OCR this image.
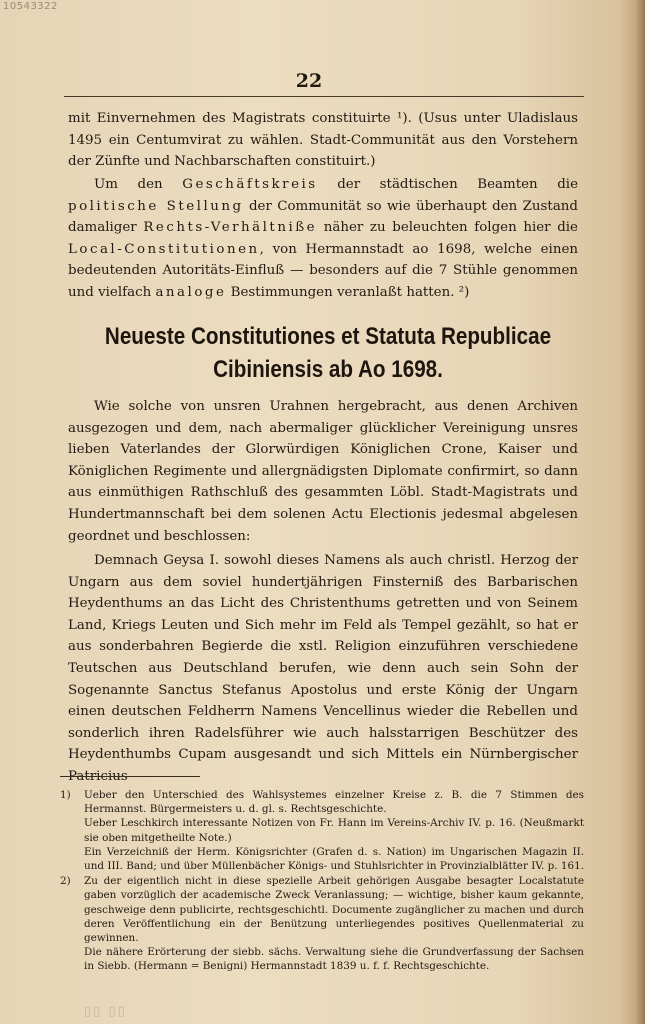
10543322
22
mit Einvernehmen des Magistrats constituirte ¹). (Usus unter Uladislaus 1495 ein Centumvirat zu wählen. Stadt-Communität aus den Vorstehern der Zünfte und Nachbarschaften constituirt.)
Um den Geschäftskreis der städtischen Beamten die politische Stellung der Communität so wie überhaupt den Zustand damaliger Rechts-Verhältniße näher zu beleuchten folgen hier die Local-Constitutionen, von Hermannstadt ao 1698, welche einen bedeutenden Autoritäts-Einfluß — besonders auf die 7 Stühle genommen und vielfach analoge Bestimmungen veranlaßt hatten. ²)
Neueste Constitutiones et Statuta Republicae
Cibiniensis ab Ao 1698.
Wie solche von unsren Urahnen hergebracht, aus denen Archiven ausgezogen und dem, nach abermaliger glücklicher Vereinigung unsres lieben Vaterlandes der Glorwürdigen Königlichen Crone, Kaiser und Königlichen Regimente und allergnädigsten Diplomate confirmirt, so dann aus einmüthigen Rathschluß des gesammten Löbl. Stadt-Magistrats und Hundertmannschaft bei dem solenen Actu Electionis jedesmal abgelesen geordnet und beschlossen:
Demnach Geysa I. sowohl dieses Namens als auch christl. Herzog der Ungarn aus dem soviel hundertjährigen Finsterniß des Barbarischen Heydenthums an das Licht des Christenthums getretten und von Seinem Land, Kriegs Leuten und Sich mehr im Feld als Tempel gezählt, so hat er aus sonderbahren Begierde die xstl. Religion einzuführen verschiedene Teutschen aus Deutschland berufen, wie denn auch sein Sohn der Sogenannte Sanctus Stefanus Apostolus und erste König der Ungarn einen deutschen Feldherrn Namens Vencellinus wieder die Rebellen und sonderlich ihren Radelsführer wie auch halsstarrigen Beschützer des Heydenthumbs Cupam ausgesandt und sich Mittels ein Nürnbergischer Patricius
1) Ueber den Unterschied des Wahlsystemes einzelner Kreise z. B. die 7 Stimmen des Hermannst. Bürgermeisters u. d. gl. s. Rechtsgeschichte.
Ueber Leschkirch interessante Notizen von Fr. Hann im Vereins-Archiv IV. p. 16. (Neußmarkt sie oben mitgetheilte Note.)
Ein Verzeichniß der Herm. Königsrichter (Grafen d. s. Nation) im Ungarischen Magazin II. und III. Band; und über Müllenbächer Königs- und Stuhlsrichter in Provinzialblätter IV. p. 161.
2) Zu der eigentlich nicht in diese spezielle Arbeit gehörigen Ausgabe besagter Localstatute gaben vorzüglich der academische Zweck Veranlassung; — wichtige, bisher kaum gekannte, geschweige denn publicirte, rechtsgeschichtl. Documente zugänglicher zu machen und durch deren Veröffentlichung ein der Benützung unterliegendes positives Quellenmaterial zu gewinnen.
Die nähere Erörterung der siebb. sächs. Verwaltung siehe die Grundverfassung der Sachsen in Siebb. (Hermann = Benigni) Hermannstadt 1839 u. f. f. Rechtsgeschichte.
▯▯ ▯▯
